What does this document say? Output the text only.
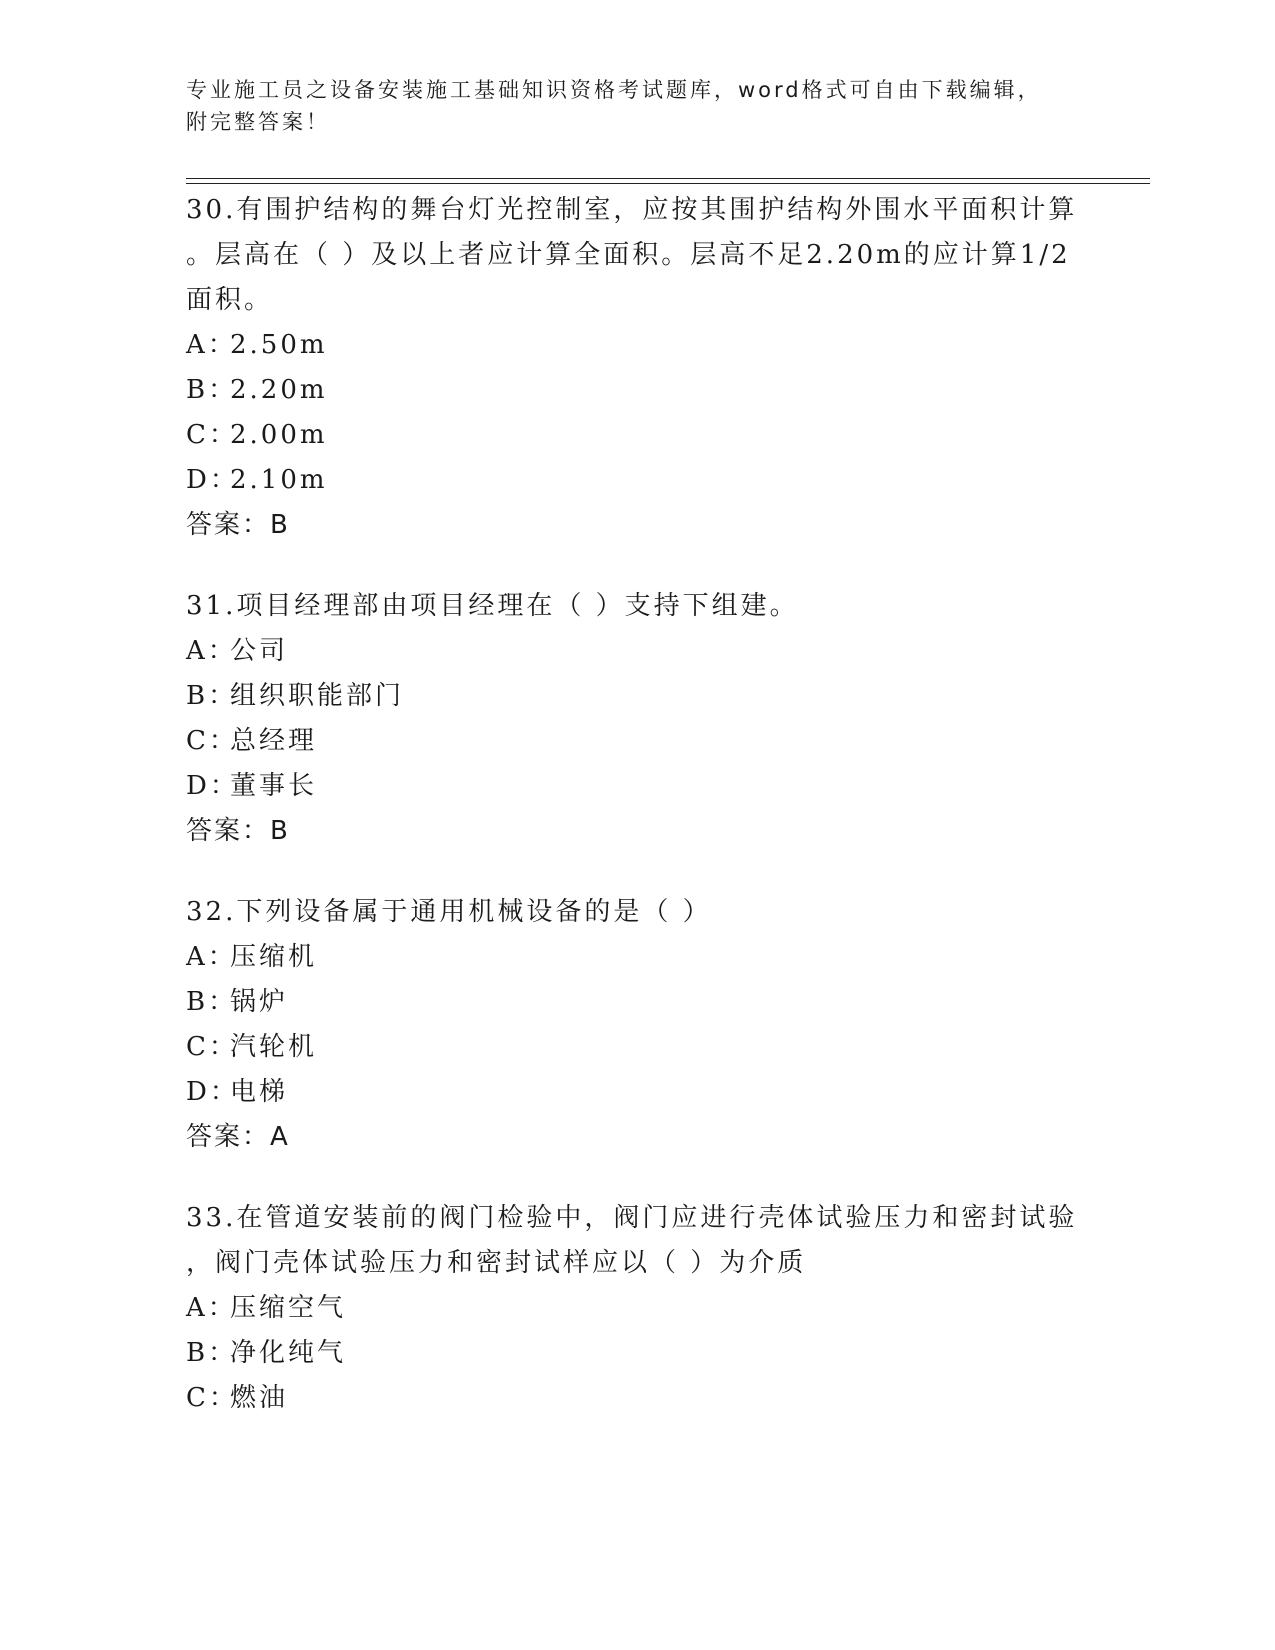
专业施工员之设备安装施工基础知识资格考试题库，word格式可自由下载编辑，
附完整答案！

30.有围护结构的舞台灯光控制室，应按其围护结构外围水平面积计算

。层高在（ ）及以上者应计算全面积。层高不足2.20m的应计算1/2

面积。

A：2.50m

B：2.20m

C：2.00m

D：2.10m

答案：B

31.项目经理部由项目经理在（ ）支持下组建。

A：公司

B：组织职能部门

C：总经理

D：董事长

答案：B

32.下列设备属于通用机械设备的是（ ）

A：压缩机

B：锅炉

C：汽轮机

D：电梯

答案：A

33.在管道安装前的阀门检验中，阀门应进行壳体试验压力和密封试验

，阀门壳体试验压力和密封试样应以（ ）为介质

A：压缩空气

B：净化纯气

C：燃油
